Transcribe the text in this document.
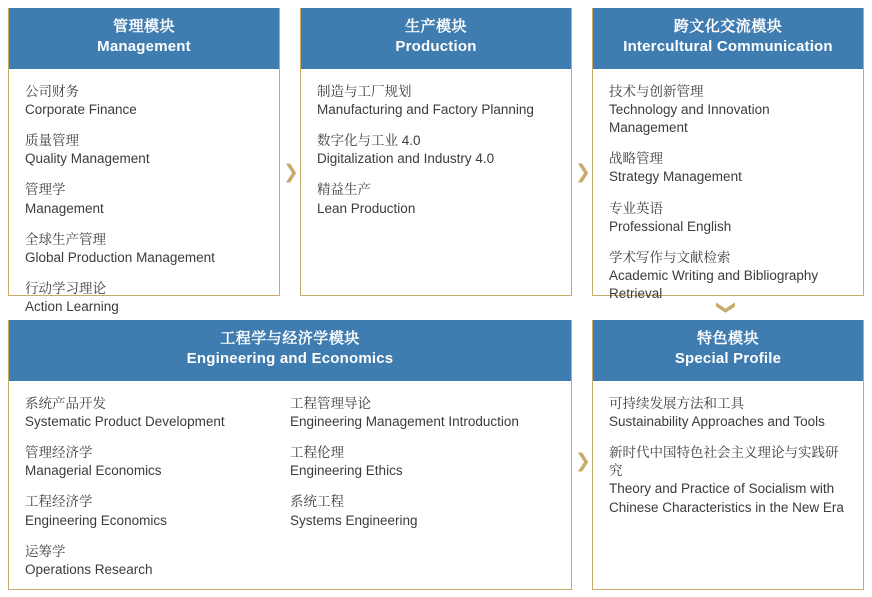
管理模块
Management
公司财务
Corporate Finance
质量管理
Quality Management
管理学
Management
全球生产管理
Global Production Management
行动学习理论
Action Learning
生产模块
Production
制造与工厂规划
Manufacturing and Factory Planning
数字化与工业 4.0
Digitalization and Industry 4.0
精益生产
Lean Production
跨文化交流模块
Intercultural Communication
技术与创新管理
Technology and Innovation Management
战略管理
Strategy Management
专业英语
Professional English
学术写作与文献检索
Academic Writing and Bibliography Retrieval
工程学与经济学模块
Engineering and Economics
系统产品开发
Systematic Product Development
管理经济学
Managerial Economics
工程经济学
Engineering Economics
运筹学
Operations Research
工程管理导论
Engineering Management Introduction
工程伦理
Engineering Ethics
系统工程
Systems Engineering
特色模块
Special Profile
可持续发展方法和工具
Sustainability Approaches and Tools
新时代中国特色社会主义理论与实践研究
Theory and Practice of Socialism with Chinese Characteristics in the New Era
❯	❯
❯
❯
